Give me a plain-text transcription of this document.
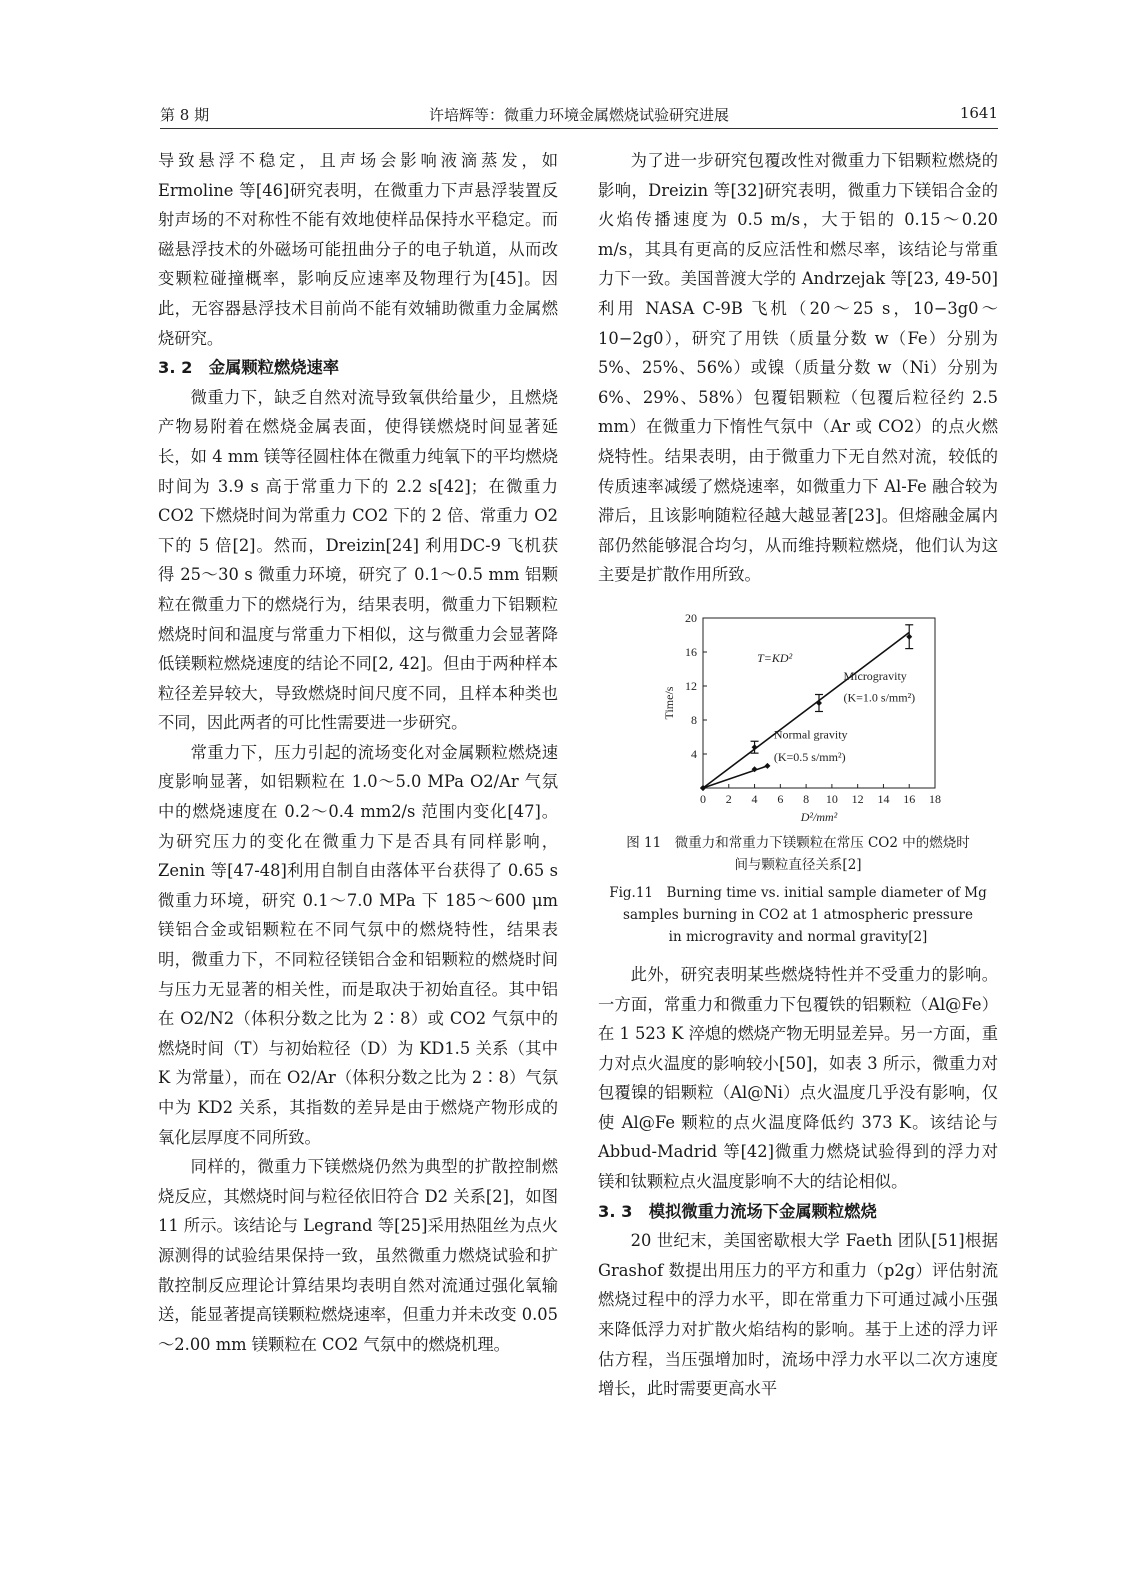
第 8 期	许培辉等：微重力环境金属燃烧试验研究进展	1641

导致悬浮不稳定，且声场会影响液滴蒸发，如Ermoline 等[46]研究表明，在微重力下声悬浮装置反射声场的不对称性不能有效地使样品保持水平稳定。而磁悬浮技术的外磁场可能扭曲分子的电子轨道，从而改变颗粒碰撞概率，影响反应速率及物理行为[45]。因此，无容器悬浮技术目前尚不能有效辅助微重力金属燃烧研究。

3. 2　金属颗粒燃烧速率

微重力下，缺乏自然对流导致氧供给量少，且燃烧产物易附着在燃烧金属表面，使得镁燃烧时间显著延长，如 4 mm 镁等径圆柱体在微重力纯氧下的平均燃烧时间为 3.9 s 高于常重力下的 2.2 s[42]；在微重力 CO2 下燃烧时间为常重力 CO2 下的 2 倍、常重力 O2 下的 5 倍[2]。然而，Dreizin[24] 利用DC-9 飞机获得 25～30 s 微重力环境，研究了 0.1～0.5 mm 铝颗粒在微重力下的燃烧行为，结果表明，微重力下铝颗粒燃烧时间和温度与常重力下相似，这与微重力会显著降低镁颗粒燃烧速度的结论不同[2, 42]。但由于两种样本粒径差异较大，导致燃烧时间尺度不同，且样本种类也不同，因此两者的可比性需要进一步研究。

常重力下，压力引起的流场变化对金属颗粒燃烧速度影响显著，如铝颗粒在 1.0～5.0 MPa O2/Ar 气氛中的燃烧速度在 0.2～0.4 mm2/s 范围内变化[47]。为研究压力的变化在微重力下是否具有同样影响，Zenin 等[47-48]利用自制自由落体平台获得了 0.65 s 微重力环境，研究 0.1～7.0 MPa 下 185～600 μm 镁铝合金或铝颗粒在不同气氛中的燃烧特性，结果表明，微重力下，不同粒径镁铝合金和铝颗粒的燃烧时间与压力无显著的相关性，而是取决于初始直径。其中铝在 O2/N2（体积分数之比为 2∶8）或 CO2 气氛中的燃烧时间（T）与初始粒径（D）为 KD1.5 关系（其中 K 为常量），而在 O2/Ar（体积分数之比为 2∶8）气氛中为 KD2 关系，其指数的差异是由于燃烧产物形成的氧化层厚度不同所致。

同样的，微重力下镁燃烧仍然为典型的扩散控制燃烧反应，其燃烧时间与粒径依旧符合 D2 关系[2]，如图 11 所示。该结论与 Legrand 等[25]采用热阻丝为点火源测得的试验结果保持一致，虽然微重力燃烧试验和扩散控制反应理论计算结果均表明自然对流通过强化氧输送，能显著提高镁颗粒燃烧速率，但重力并未改变 0.05～2.00 mm 镁颗粒在 CO2 气氛中的燃烧机理。

为了进一步研究包覆改性对微重力下铝颗粒燃烧的影响，Dreizin 等[32]研究表明，微重力下镁铝合金的火焰传播速度为 0.5 m/s，大于铝的 0.15～0.20 m/s，其具有更高的反应活性和燃尽率，该结论与常重力下一致。美国普渡大学的 Andrzejak 等[23, 49-50]利用 NASA C-9B 飞机（20～25 s，10−3g0～10−2g0），研究了用铁（质量分数 w（Fe）分别为 5%、25%、56%）或镍（质量分数 w（Ni）分别为 6%、29%、58%）包覆铝颗粒（包覆后粒径约 2.5 mm）在微重力下惰性气氛中（Ar 或 CO2）的点火燃烧特性。结果表明，由于微重力下无自然对流，较低的传质速率减缓了燃烧速率，如微重力下 Al-Fe 融合较为滞后，且该影响随粒径越大越显著[23]。但熔融金属内部仍然能够混合均匀，从而维持颗粒燃烧，他们认为这主要是扩散作用所致。

0 2 4 6 8 10 12 14 16 18
4
8
12
16
20
D²/mm²
Time/s
T=KD²
Microgravity
(K=1.0 s/mm²)
Normal gravity
(K=0.5 s/mm²)
图 11　微重力和常重力下镁颗粒在常压 CO2 中的燃烧时
间与颗粒直径关系[2]
Fig.11　Burning time vs. initial sample diameter of Mg
samples burning in CO2 at 1 atmospheric pressure
in microgravity and normal gravity[2]

此外，研究表明某些燃烧特性并不受重力的影响。一方面，常重力和微重力下包覆铁的铝颗粒（Al@Fe）在 1 523 K 淬熄的燃烧产物无明显差异。另一方面，重力对点火温度的影响较小[50]，如表 3 所示，微重力对包覆镍的铝颗粒（Al@Ni）点火温度几乎没有影响，仅使 Al@Fe 颗粒的点火温度降低约 373 K。该结论与 Abbud-Madrid 等[42]微重力燃烧试验得到的浮力对镁和钛颗粒点火温度影响不大的结论相似。

3. 3　模拟微重力流场下金属颗粒燃烧

20 世纪末，美国密歇根大学 Faeth 团队[51]根据 Grashof 数提出用压力的平方和重力（p2g）评估射流燃烧过程中的浮力水平，即在常重力下可通过减小压强来降低浮力对扩散火焰结构的影响。基于上述的浮力评估方程，当压强增加时，流场中浮力水平以二次方速度增长，此时需要更高水平
